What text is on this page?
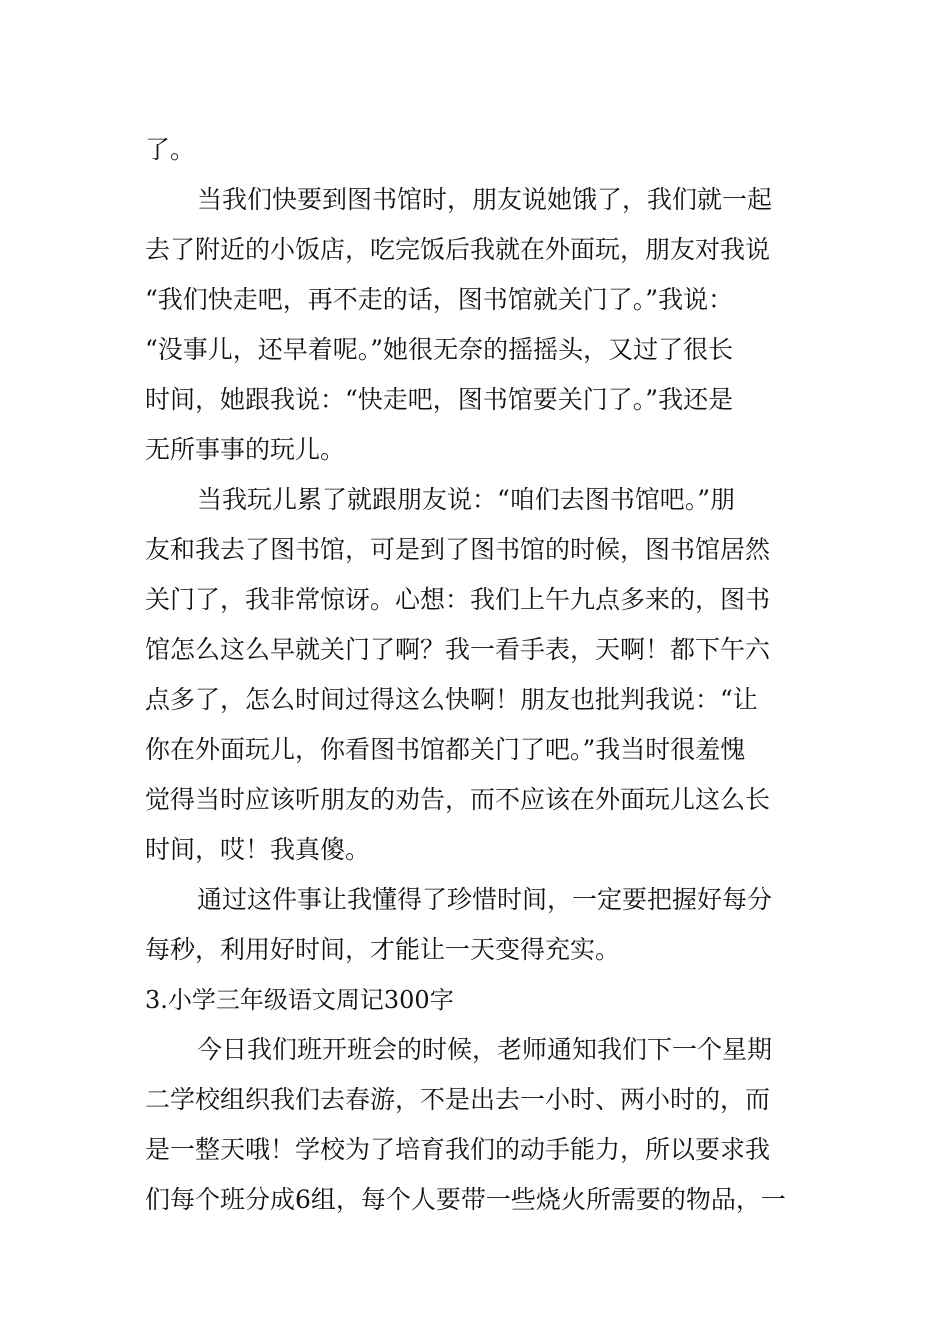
了。
当我们快要到图书馆时，朋友说她饿了，我们就一起
去了附近的小饭店，吃完饭后我就在外面玩，朋友对我说
“我们快走吧，再不走的话，图书馆就关门了。”我说：
“没事儿，还早着呢。”她很无奈的摇摇头，又过了很长
时间，她跟我说：“快走吧，图书馆要关门了。”我还是
无所事事的玩儿。
当我玩儿累了就跟朋友说：“咱们去图书馆吧。”朋
友和我去了图书馆，可是到了图书馆的时候，图书馆居然
关门了，我非常惊讶。心想：我们上午九点多来的，图书
馆怎么这么早就关门了啊？我一看手表，天啊！都下午六
点多了，怎么时间过得这么快啊！朋友也批判我说：“让
你在外面玩儿，你看图书馆都关门了吧。”我当时很羞愧
觉得当时应该听朋友的劝告，而不应该在外面玩儿这么长
时间，哎！我真傻。
通过这件事让我懂得了珍惜时间，一定要把握好每分
每秒，利用好时间，才能让一天变得充实。
3.小学三年级语文周记300字
今日我们班开班会的时候，老师通知我们下一个星期
二学校组织我们去春游，不是出去一小时、两小时的，而
是一整天哦！学校为了培育我们的动手能力，所以要求我
们每个班分成6组，每个人要带一些烧火所需要的物品，一
